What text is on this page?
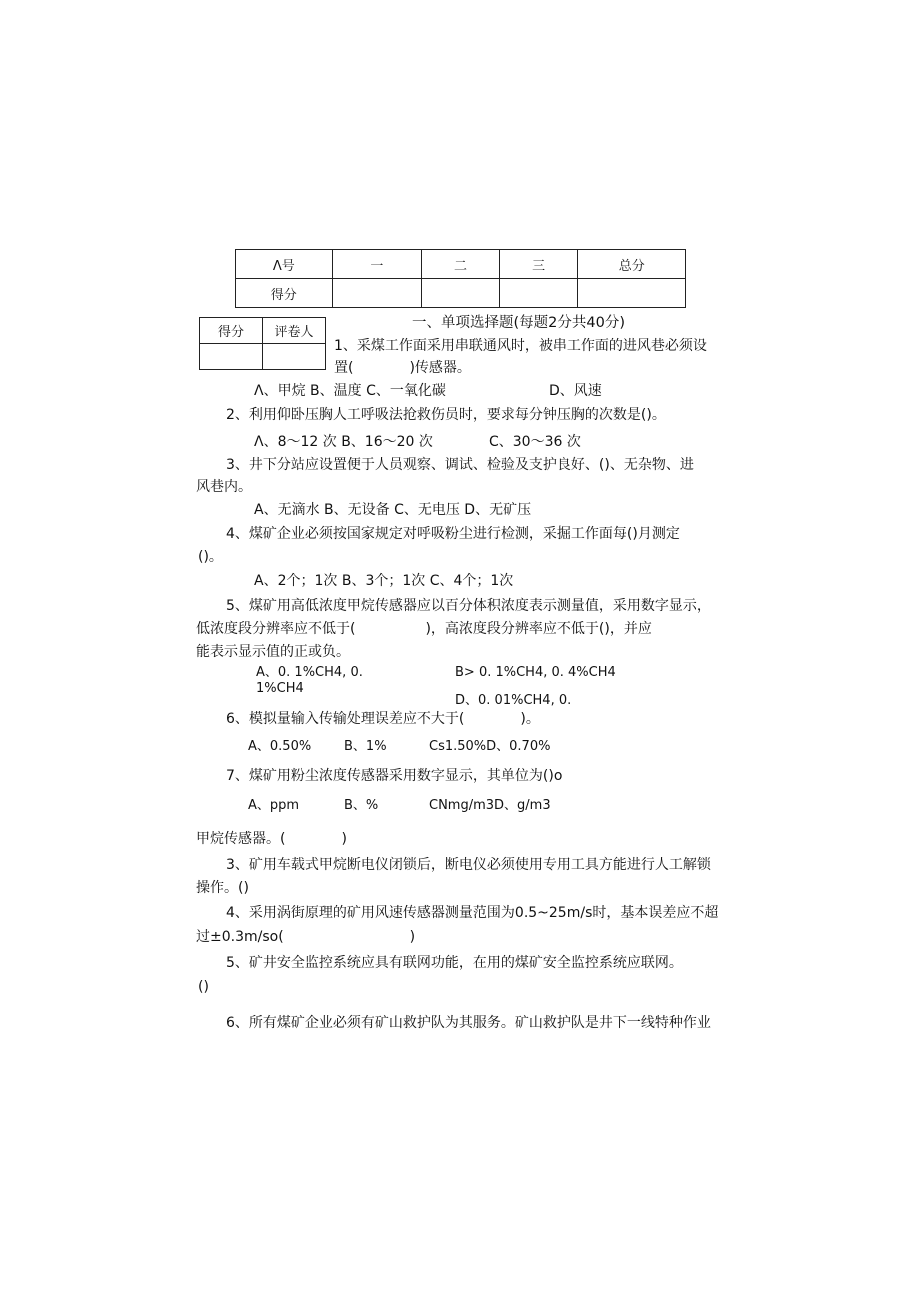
Λ号	一	二	三	总分
得分				
得分	评卷人

一、单项选择题(每题2分共40分)
1、采煤工作面采用串联通风时，被串工作面的进风巷必须设
置(　　　　)传感器。
Λ、甲烷 B、温度 C、一氧化碳	D、风速
2、利用仰卧压胸人工呼吸法抢救伤员时，要求每分钟压胸的次数是()。
Λ、8～12 次 B、16～20 次	C、30～36 次
3、井下分站应设置便于人员观察、调试、检验及支护良好、()、无杂物、进
风巷内。
A、无滴水 B、无设备 C、无电压 D、无矿压
4、煤矿企业必须按国家规定对呼吸粉尘进行检测，采掘工作面每()月测定
()。
A、2个；1次 B、3个；1次 C、4个；1次
5、煤矿用高低浓度甲烷传感器应以百分体积浓度表示测量值，采用数字显示，
低浓度段分辨率应不低于(　　　　　)，高浓度段分辨率应不低于()，并应
能表示显示值的正或负。
A、0. 1%CH4, 0.
1%CH4
B> 0. 1%CH4, 0. 4%CH4
D、0. 01%CH4, 0.
6、模拟量输入传输处理误差应不大于(　　　　)。
A、0.50%	B、1%	Cs1.50%D、0.70%
7、煤矿用粉尘浓度传感器采用数字显示，其单位为()o
A、ppm	B、%	CNmg/m3D、g/m3
甲烷传感器。(　　　　)
3、矿用车载式甲烷断电仪闭锁后，断电仪必须使用专用工具方能进行人工解锁
操作。()
4、采用涡街原理的矿用风速传感器测量范围为0.5~25m/s时，基本误差应不超
过±0.3m/so(　　　　　　　　　)
5、矿井安全监控系统应具有联网功能，在用的煤矿安全监控系统应联网。
()
6、所有煤矿企业必须有矿山救护队为其服务。矿山救护队是井下一线特种作业
